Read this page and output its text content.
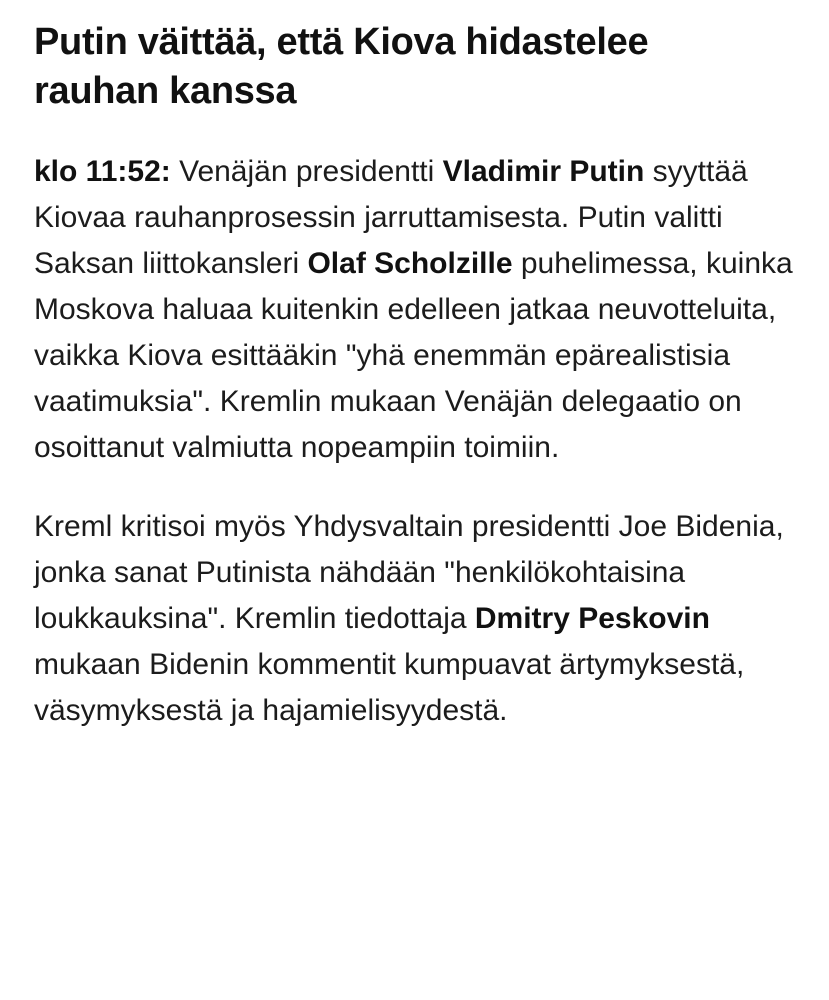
Putin väittää, että Kiova hidastelee rauhan kanssa

klo 11:52: Venäjän presidentti Vladimir Putin syyttää Kiovaa rauhanprosessin jarruttamisesta. Putin valitti Saksan liittokansleri Olaf Scholzille puhelimessa, kuinka Moskova haluaa kuitenkin edelleen jatkaa neuvotteluita, vaikka Kiova esittääkin "yhä enemmän epärealistisia vaatimuksia". Kremlin mukaan Venäjän delegaatio on osoittanut valmiutta nopeampiin toimiin.

Kreml kritisoi myös Yhdysvaltain presidentti Joe Bidenia, jonka sanat Putinista nähdään "henkilökohtaisina loukkauksina". Kremlin tiedottaja Dmitry Peskovin mukaan Bidenin kommentit kumpuavat ärtymyksestä, väsymyksestä ja hajamielisyydestä.
